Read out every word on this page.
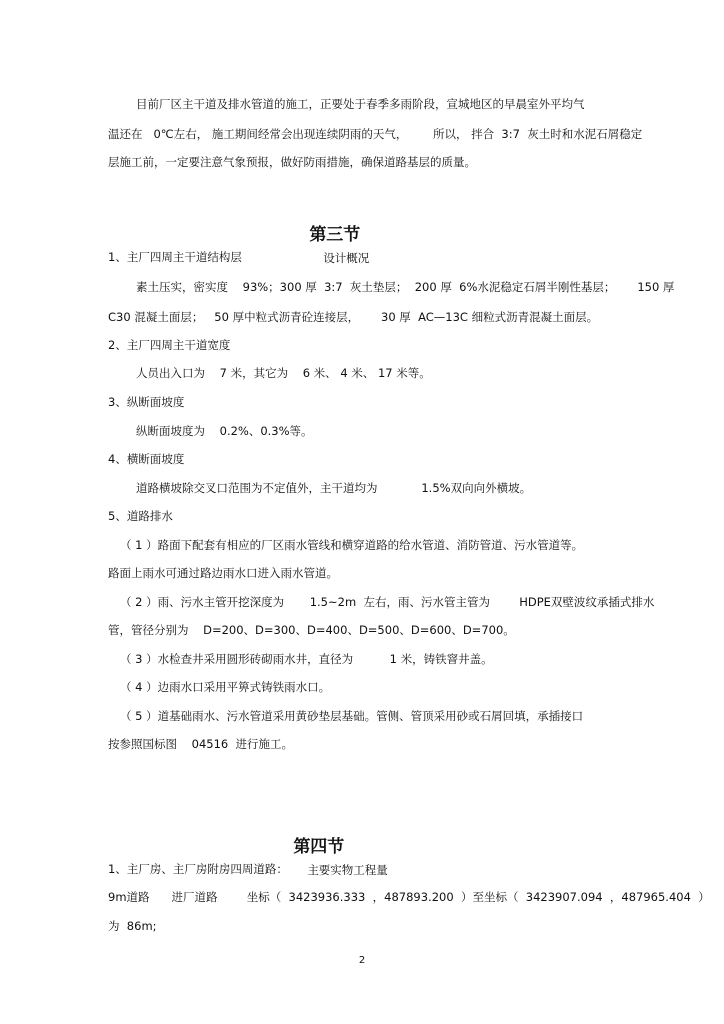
目前厂区主干道及排水管道的施工，正要处于春季多雨阶段，宣城地区的早晨室外平均气
温还在   0℃左右， 施工期间经常会出现连续阴雨的天气，       所以， 拌合  3:7  灰土时和水泥石屑稳定
层施工前，一定要注意气象预报，做好防雨措施，确保道路基层的质量。

第三节
设计概况

1、主厂四周主干道结构层
素土压实，密实度    93%；300 厚  3:7  灰土垫层；  200 厚  6%水泥稳定石屑半刚性基层；      150 厚
C30 混凝土面层；   50 厚中粒式沥青砼连接层，      30 厚  AC—13C 细粒式沥青混凝土面层。
2、主厂四周主干道宽度
人员出入口为    7 米，其它为    6 米、 4 米、 17 米等。
3、纵断面坡度
纵断面坡度为    0.2%、0.3%等。
4、横断面坡度
道路横坡除交叉口范围为不定值外，主干道均为            1.5%双向向外横坡。
5、道路排水
（ 1 ）路面下配套有相应的厂区雨水管线和横穿道路的给水管道、消防管道、污水管道等。
路面上雨水可通过路边雨水口进入雨水管道。
（ 2 ）雨、污水主管开挖深度为       1.5~2m  左右，雨、污水管主管为        HDPE双壁波纹承插式排水
管，管径分别为    D=200、D=300、D=400、D=500、D=600、D=700。
（ 3 ）水检查井采用圆形砖砌雨水井，直径为          1 米，铸铁窨井盖。
（ 4 ）边雨水口采用平箅式铸铁雨水口。
（ 5 ）道基础雨水、污水管道采用黄砂垫层基础。管侧、管顶采用砂或石屑回填，承插接口
按参照国标图    04516  进行施工。

第四节
主要实物工程量

1、主厂房、主厂房附房四周道路：
9m道路      进厂道路        坐标（  3423936.333  ，487893.200  ）至坐标（  3423907.094  ，487965.404  ）
为  86m;
2
